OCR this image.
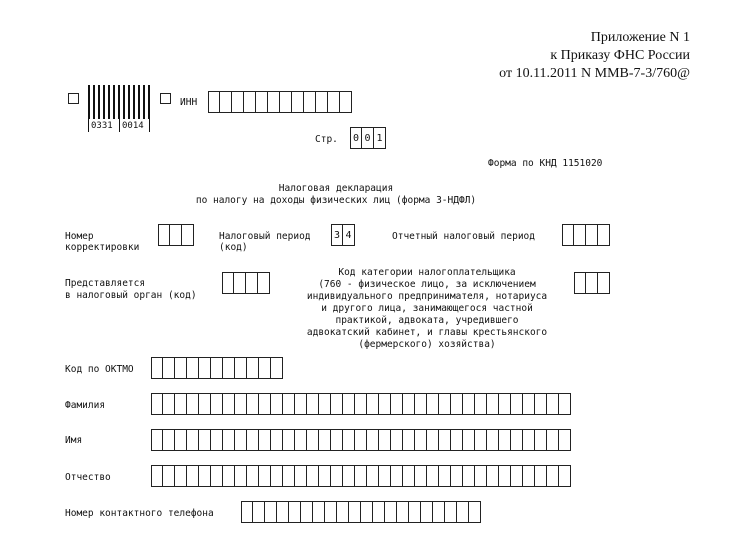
Приложение N 1
к Приказу ФНС России
от 10.11.2011 N ММВ-7-3/760@
0331 0014
ИНН
Стр. 0 0 1
Форма по КНД 1151020
Налоговая декларация
по налогу на доходы физических лиц (форма 3-НДФЛ)
Номер
корректировки
Налоговый период
(код)
3 4	Отчетный налоговый период
Представляется
в налоговый орган (код)
Код категории налогоплательщика
(760 - физическое лицо, за исключением
индивидуального предпринимателя, нотариуса
и другого лица, занимающегося частной
практикой, адвоката, учредившего
адвокатский кабинет, и главы крестьянского
(фермерского) хозяйства)
Код по ОКТМО
Фамилия
Имя
Отчество
Номер контактного телефона
